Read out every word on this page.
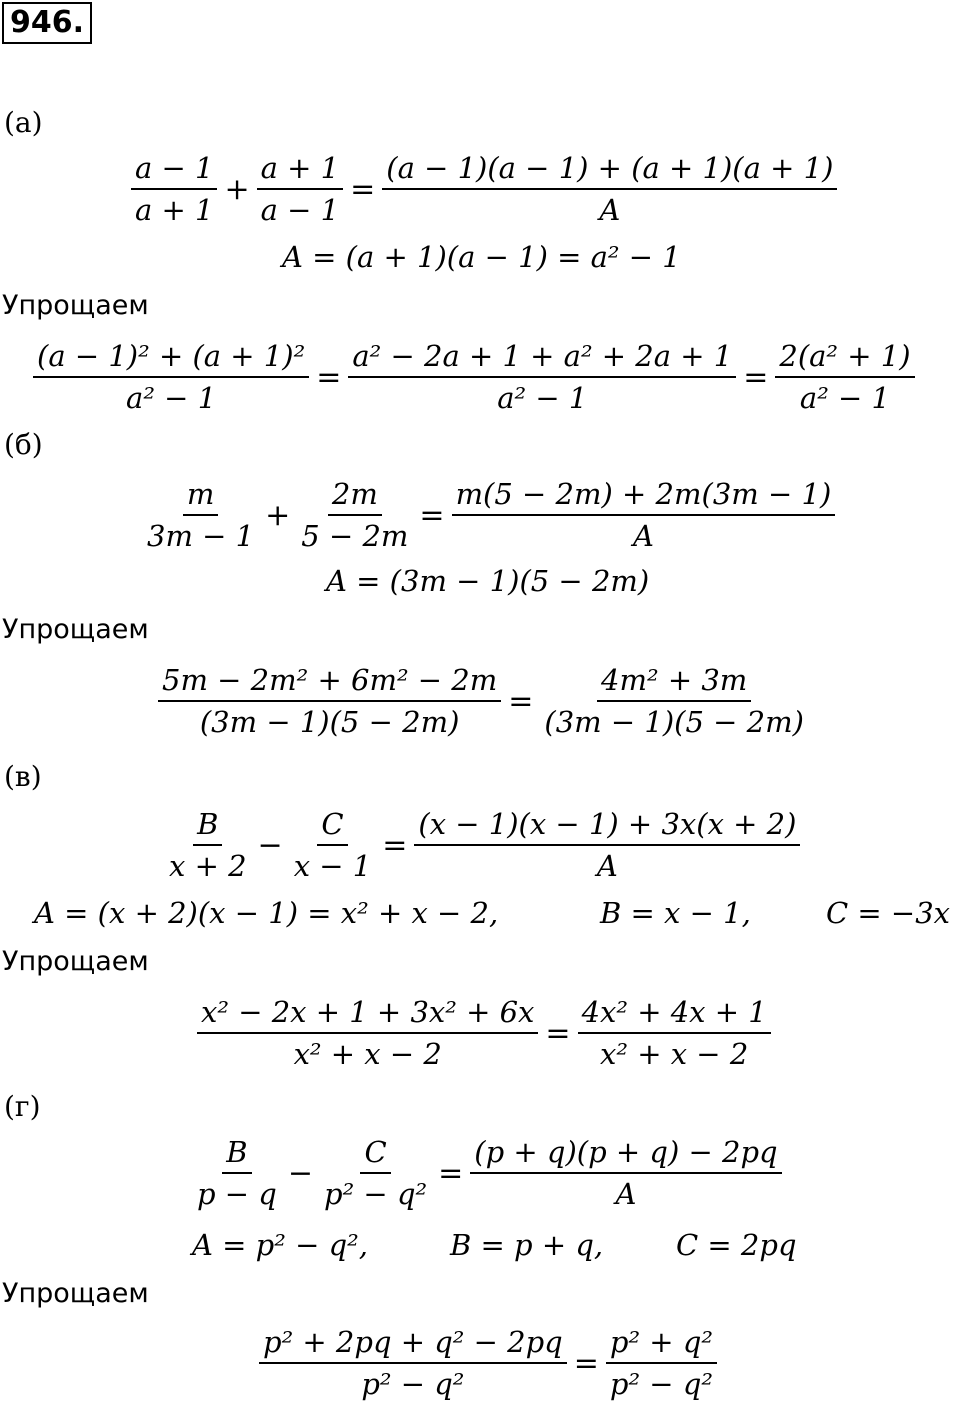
946.
(а)
$\frac{a - 1}{a + 1} + \frac{a + 1}{a - 1} = \frac{(a - 1)(a - 1) + (a + 1)(a + 1)}{A}$
A = (a + 1)(a − 1) = a² − 1
Упрощаем
$\frac{\text{(a − 1)² + (a + 1)²}}{\text{a² − 1}} = \frac{\text{a² − 2a + 1 + a² + 2a + 1}}{\text{a² − 1}} = \frac{\text{2(a² + 1)}}{\text{a² − 1}}$
(б)
$\frac{m}{3m - 1} + \frac{2m}{5 - 2m} = \frac{m(5 - 2m) + 2m(3m - 1)}{A}$
A = (3m − 1)(5 − 2m)
Упрощаем
$\frac{\text{5m − 2m² + 6m² − 2m}}{(3m - 1)(5 - 2m)} = \frac{\text{4m² + 3m}}{(3m - 1)(5 - 2m)}$
(в)
$\frac{B}{x + 2} - \frac{C}{x - 1} = \frac{(x - 1)(x - 1) + 3x(x + 2)}{A}$
A = (x + 2)(x − 1) = x² + x − 2,	B = x − 1,	C = −3x
Упрощаем
$\frac{\text{x² − 2x + 1 + 3x² + 6x}}{\text{x² + x − 2}} = \frac{\text{4x² + 4x + 1}}{\text{x² + x − 2}}$
(г)
$\frac{B}{p - q} - \frac{C}{\text{p² − q²}} = \frac{(p + q)(p + q) - 2pq}{A}$
A = p² − q²,	B = p + q,	C = 2pq
Упрощаем
$\frac{\text{p² + 2pq + q² − 2pq}}{\text{p² − q²}} = \frac{\text{p² + q²}}{\text{p² − q²}}$
